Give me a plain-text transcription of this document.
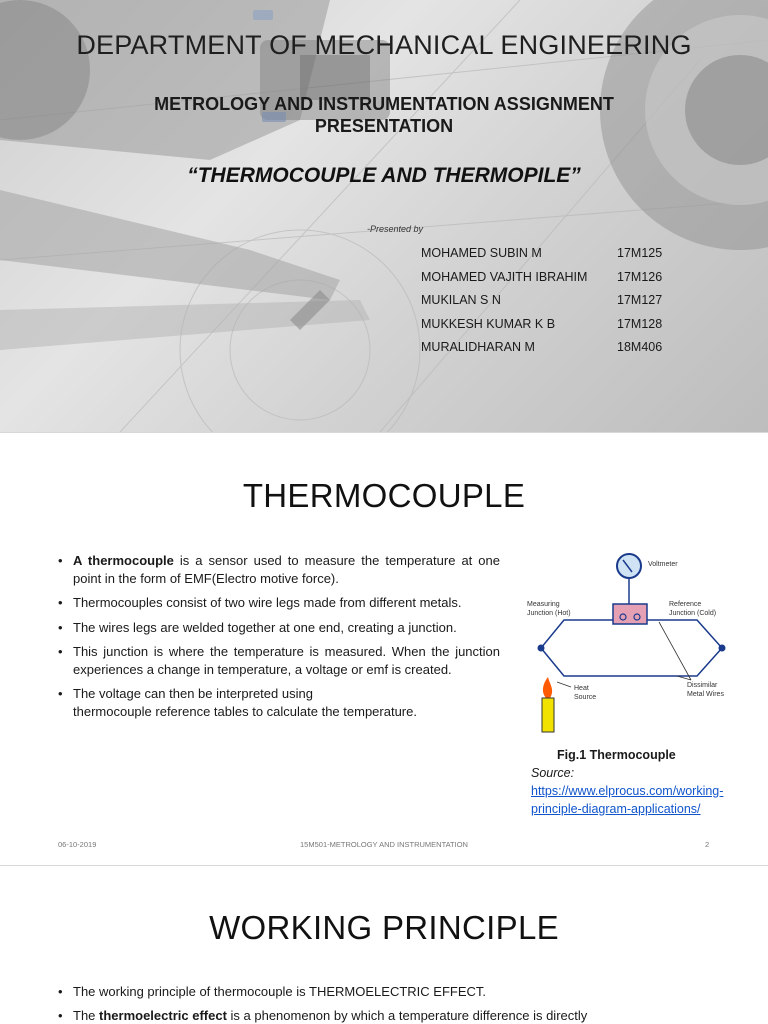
DEPARTMENT OF MECHANICAL ENGINEERING
METROLOGY AND INSTRUMENTATION ASSIGNMENT PRESENTATION
“THERMOCOUPLE AND THERMOPILE”
-Presented by
MOHAMED SUBIN M	17M125
MOHAMED VAJITH IBRAHIM 17M126
MUKILAN S N	17M127
MUKKESH KUMAR K B	17M128
MURALIDHARAN M	18M406
THERMOCOUPLE
• A thermocouple is a sensor used to measure the temperature at one point in the form of EMF(Electro motive force).
• Thermocouples consist of two wire legs made from different metals.
• The wires legs are welded together at one end, creating a junction.
• This junction is where the temperature is measured. When the junction experiences a change in temperature, a voltage or emf is created.
• The voltage can then be interpreted using
thermocouple reference tables to calculate the temperature.
Voltmeter
Measuring
Junction (Hot)
Reference
Junction (Cold)
Heat
Source
Dissimilar
Metal Wires
Fig.1 Thermocouple
Source:
https://www.elprocus.com/working-principle-diagram-applications/
06-10-2019	15M501-METROLOGY AND INSTRUMENTATION	2
WORKING PRINCIPLE
• The working principle of thermocouple is THERMOELECTRIC EFFECT.
• The thermoelectric effect is a phenomenon by which a temperature difference is directly
